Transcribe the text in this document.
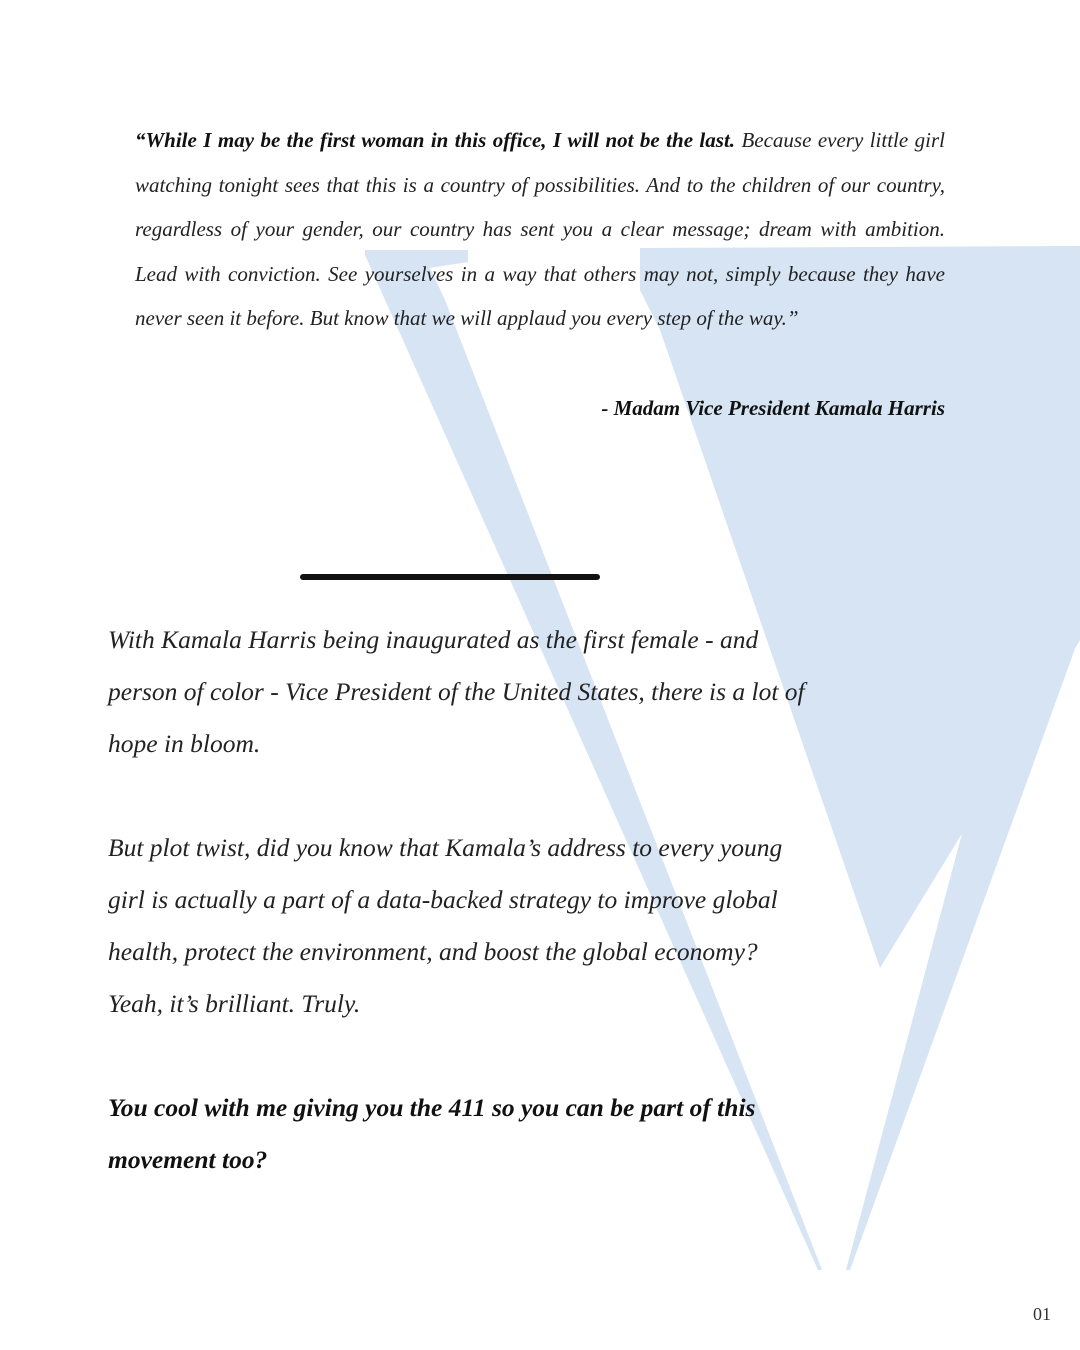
“While I may be the first woman in this office, I will not be the last. Because every little girl watching tonight sees that this is a country of possibilities. And to the children of our country, regardless of your gender, our country has sent you a clear message; dream with ambition. Lead with conviction. See yourselves in a way that others may not, simply because they have never seen it before. But know that we will applaud you every step of the way.”
- Madam Vice President Kamala Harris

With Kamala Harris being inaugurated as the first female - and person of color - Vice President of the United States, there is a lot of hope in bloom.

But plot twist, did you know that Kamala’s address to every young girl is actually a part of a data-backed strategy to improve global health, protect the environment, and boost the global economy? Yeah, it’s brilliant. Truly.

You cool with me giving you the 411 so you can be part of this movement too?

01
